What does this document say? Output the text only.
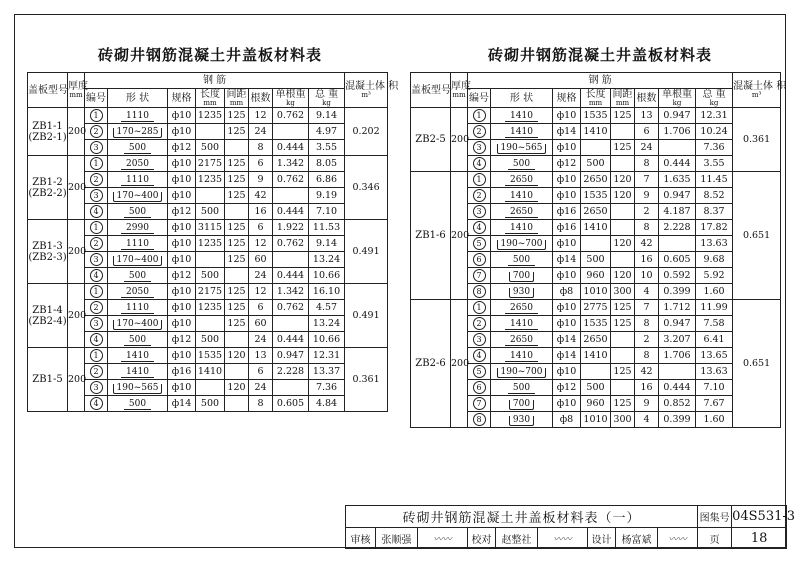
砖砌井钢筋混凝土井盖板材料表	砖砌井钢筋混凝土井盖板材料表
盖板型号	厚度
mm	钢 筋								混凝土体 积
m³

		编号	形 状	规格	长度
mm	间距
mm	根数	单根重
kg	总 重
kg	

ZB1-1
(ZB2-1)	200	1	1110	ф10	1235	125	12	0.762	9.14	0.202
		2	170~285	ф10		125	24		4.97	
		3	500	ф12	500		8	0.444	3.55	

ZB1-2
(ZB2-2)	200	1	2050	ф10	2175	125	6	1.342	8.05	0.346
		2	1110	ф10	1235	125	9	0.762	6.86	
		3	170~400	ф10		125	42		9.19	
		4	500	ф12	500		16	0.444	7.10	

ZB1-3
(ZB2-3)	200	1	2990	ф10	3115	125	6	1.922	11.53	0.491
		2	1110	ф10	1235	125	12	0.762	9.14	
		3	170~400	ф10		125	60		13.24	
		4	500	ф12	500		24	0.444	10.66	

ZB1-4
(ZB2-4)	200	1	2050	ф10	2175	125	12	1.342	16.10	0.491
		2	1110	ф10	1235	125	6	0.762	4.57	
		3	170~400	ф10		125	60		13.24	
		4	500	ф12	500		24	0.444	10.66	

ZB1-5	200	1	1410	ф10	1535	120	13	0.947	12.31	0.361
		2	1410	ф16	1410		6	2.228	13.37	
		3	190~565	ф10		120	24		7.36	
		4	500	ф14	500		8	0.605	4.84	
盖板型号	厚度
mm	钢 筋								混凝土体 积
m³

		编号	形 状	规格	长度
mm	间距
mm	根数	单根重
kg	总 重
kg	

ZB2-5	200	1	1410	ф10	1535	125	13	0.947	12.31	0.361
		2	1410	ф14	1410		6	1.706	10.24	
		3	190~565	ф10		125	24		7.36	
		4	500	ф12	500		8	0.444	3.55	

ZB1-6	200	1	2650	ф10	2650	120	7	1.635	11.45	0.651
		2	1410	ф10	1535	120	9	0.947	8.52	
		3	2650	ф16	2650		2	4.187	8.37	
		4	1410	ф16	1410		8	2.228	17.82	
		5	190~700	ф10		120	42		13.63	
		6	500	ф14	500		16	0.605	9.68	
		7	700	ф10	960	120	10	0.592	5.92	
		8	930	ф8	1010	300	4	0.399	1.60	

ZB2-6	200	1	2650	ф10	2775	125	7	1.712	11.99	0.651
		2	1410	ф10	1535	125	8	0.947	7.58	
		3	2650	ф14	2650		2	3.207	6.41	
		4	1410	ф14	1410		8	1.706	13.65	
		5	190~700	ф10		125	42		13.63	
		6	500	ф12	500		16	0.444	7.10	
		7	700	ф10	960	125	9	0.852	7.67	
		8	930	ф8	1010	300	4	0.399	1.60	
砖砌井钢筋混凝土井盖板材料表（一）									图集号	04S531-3
审核	张顺强	〰〰	校对	赵整社	〰〰	设计	杨富斌	〰〰	页	18
